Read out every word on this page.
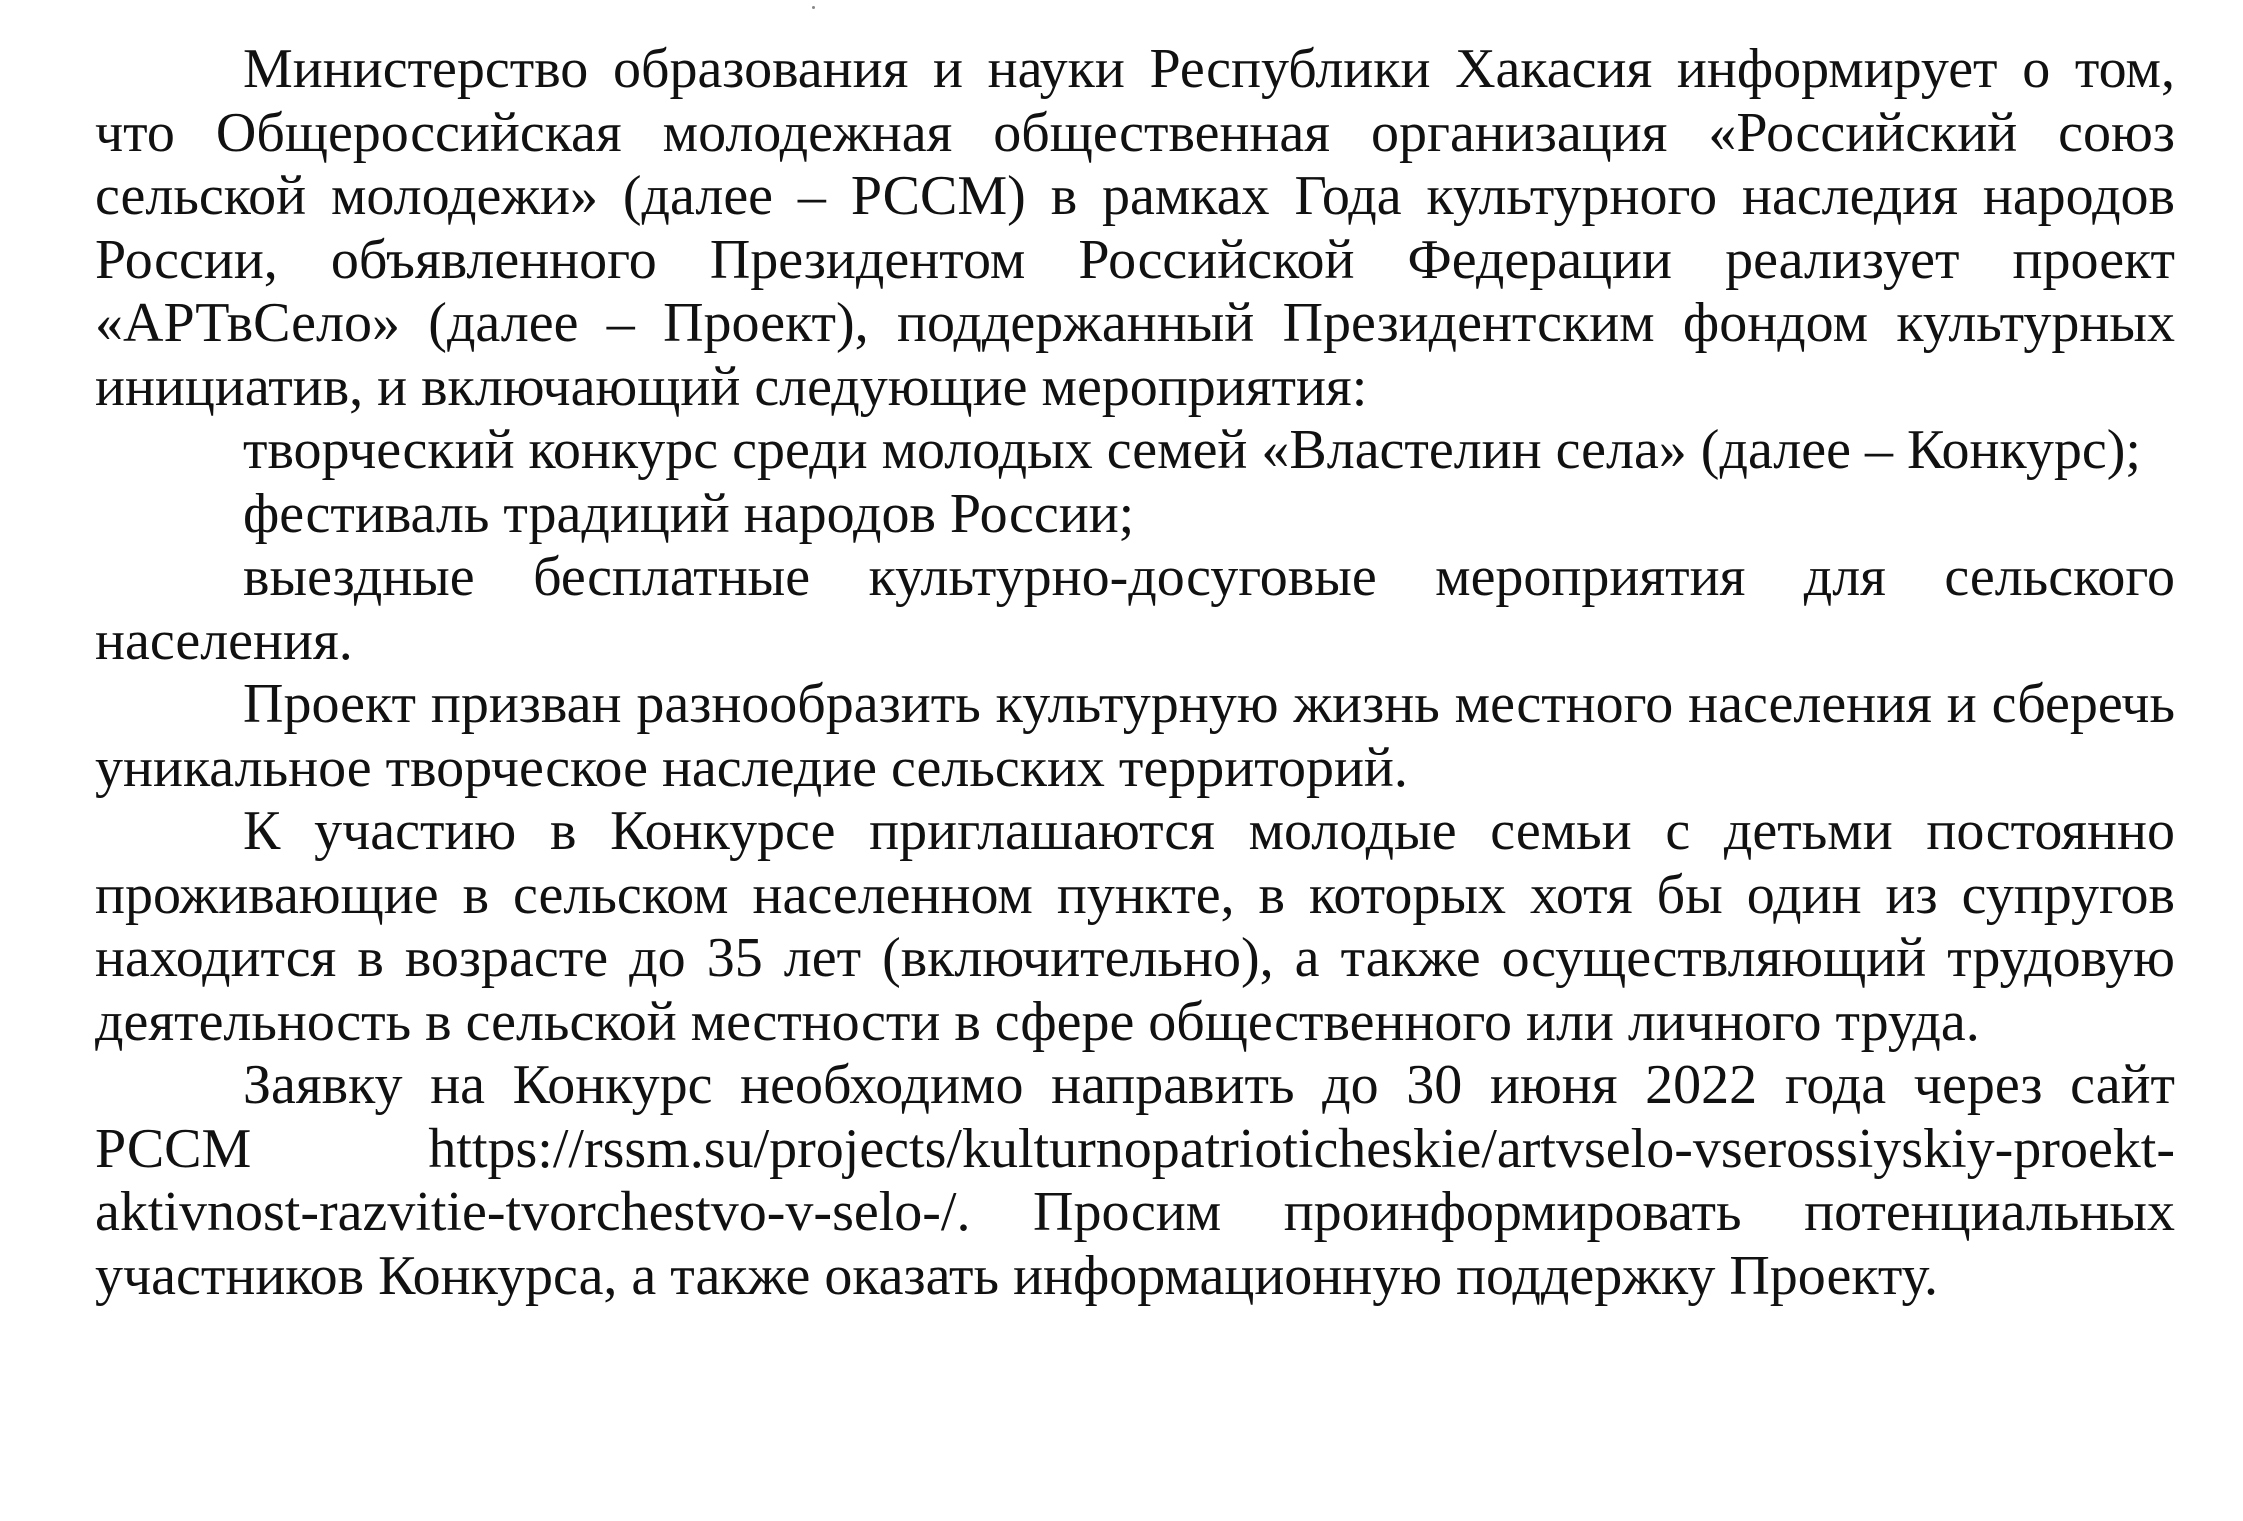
Министерство образования и науки Республики Хакасия информирует о том, что Общероссийская молодежная общественная организация «Российский союз сельской молодежи» (далее – РССМ) в рамках Года культурного наследия народов России, объявленного Президентом Российской Федерации реализует проект «АРТвСело» (далее – Проект), поддержанный Президентским фондом культурных инициатив, и включающий следующие мероприятия:

творческий конкурс среди молодых семей «Властелин села» (далее – Конкурс);

фестиваль традиций народов России;

выездные бесплатные культурно-досуговые мероприятия для сельского населения.

Проект призван разнообразить культурную жизнь местного населения и сберечь уникальное творческое наследие сельских территорий.

К участию в Конкурсе приглашаются молодые семьи с детьми постоянно проживающие в сельском населенном пункте, в которых хотя бы один из супругов находится в возрасте до 35 лет (включительно), а также осуществляющий трудовую деятельность в сельской местности в сфере общественного или личного труда.

Заявку на Конкурс необходимо направить до 30 июня 2022 года через сайт РССМ https://rssm.su/projects/kulturnopatrioticheskie/artvselo-vserossiyskiy-proekt-aktivnost-razvitie-tvorchestvo-v-selo-/. Просим проинформировать потенциальных участников Конкурса, а также оказать информационную поддержку Проекту.
